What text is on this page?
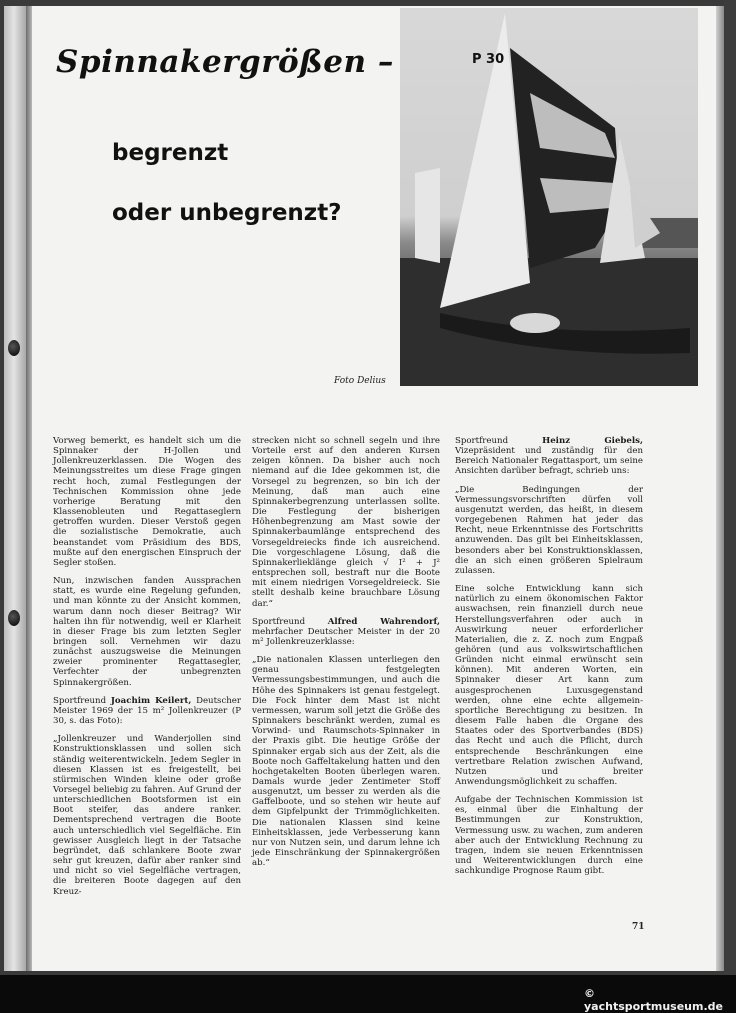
Spinnakergrößen –
begrenzt
oder unbegrenzt?
P 30
Foto Delius

Vorweg bemerkt, es handelt sich um die Spinnaker der H-Jollen und Jollenkreuzerklassen. Die Wogen des Meinungsstreites um diese Frage gingen recht hoch, zumal Festlegungen der Technischen Kommission ohne jede vorherige Beratung mit den Klassenobleuten und Regattaseglern getroffen wurden. Dieser Verstoß gegen die sozialistische Demokratie, auch beanstandet vom Präsidium des BDS, mußte auf den energischen Einspruch der Segler stoßen.

Nun, inzwischen fanden Aussprachen statt, es wurde eine Regelung gefunden, und man könnte zu der Ansicht kommen, warum dann noch dieser Beitrag? Wir halten ihn für notwendig, weil er Klarheit in dieser Frage bis zum letzten Segler bringen soll. Vernehmen wir dazu zunächst auszugsweise die Meinungen zweier prominenter Regattasegler, Verfechter der unbegrenzten Spinnakergrößen.

Sportfreund Joachim Keilert, Deutscher Meister 1969 der 15 m² Jollenkreuzer (P 30, s. das Foto):

„Jollenkreuzer und Wanderjollen sind Konstruktionsklassen und sollen sich ständig weiterentwickeln. Jedem Segler in diesen Klassen ist es freigestellt, bei stürmischen Winden kleine oder große Vorsegel beliebig zu fahren. Auf Grund der unterschiedlichen Bootsformen ist ein Boot steifer, das andere ranker. Dementsprechend vertragen die Boote auch unterschiedlich viel Segelfläche. Ein gewisser Ausgleich liegt in der Tatsache begründet, daß schlankere Boote zwar sehr gut kreuzen, dafür aber ranker sind und nicht so viel Segelfläche vertragen, die breiteren Boote dagegen auf den Kreuz-

strecken nicht so schnell segeln und ihre Vorteile erst auf den anderen Kursen zeigen können. Da bisher auch noch niemand auf die Idee gekommen ist, die Vorsegel zu begrenzen, so bin ich der Meinung, daß man auch eine Spinnakerbegrenzung unterlassen sollte. Die Festlegung der bisherigen Höhenbegrenzung am Mast sowie der Spinnakerbaumlänge entsprechend des Vorsegeldreiecks finde ich ausreichend. Die vorgeschlagene Lösung, daß die Spinnakerlieklänge gleich √ I² + J² entsprechen soll, bestraft nur die Boote mit einem niedrigen Vorsegeldreieck. Sie stellt deshalb keine brauchbare Lösung dar.“

Sportfreund Alfred Wahrendorf, mehrfacher Deutscher Meister in der 20 m² Jollenkreuzerklasse:

„Die nationalen Klassen unterliegen den genau festgelegten Vermessungsbestimmungen, und auch die Höhe des Spinnakers ist genau festgelegt. Die Fock hinter dem Mast ist nicht vermessen, warum soll jetzt die Größe des Spinnakers beschränkt werden, zumal es Vorwind- und Raumschots-Spinnaker in der Praxis gibt. Die heutige Größe der Spinnaker ergab sich aus der Zeit, als die Boote noch Gaffeltakelung hatten und den hochgetakelten Booten überlegen waren. Damals wurde jeder Zentimeter Stoff ausgenutzt, um besser zu werden als die Gaffelboote, und so stehen wir heute auf dem Gipfelpunkt der Trimmöglichkeiten. Die nationalen Klassen sind keine Einheitsklassen, jede Verbesserung kann nur von Nutzen sein, und darum lehne ich jede Einschränkung der Spinnakergrößen ab.“

Sportfreund Heinz Giebels, Vizepräsident und zuständig für den Bereich Nationaler Regattasport, um seine Ansichten darüber befragt, schrieb uns:

„Die Bedingungen der Vermessungsvorschriften dürfen voll ausgenutzt werden, das heißt, in diesem vorgegebenen Rahmen hat jeder das Recht, neue Erkenntnisse des Fortschritts anzuwenden. Das gilt bei Einheitsklassen, besonders aber bei Konstruktionsklassen, die an sich einen größeren Spielraum zulassen.

Eine solche Entwicklung kann sich natürlich zu einem ökonomischen Faktor auswachsen, rein finanziell durch neue Herstellungsverfahren oder auch in Auswirkung neuer erforderlicher Materialien, die z. Z. noch zum Engpaß gehören (und aus volkswirtschaftlichen Gründen nicht einmal erwünscht sein können). Mit anderen Worten, ein Spinnaker dieser Art kann zum ausgesprochenen Luxusgegenstand werden, ohne eine echte allgemein-sportliche Berechtigung zu besitzen. In diesem Falle haben die Organe des Staates oder des Sportverbandes (BDS) das Recht und auch die Pflicht, durch entsprechende Beschränkungen eine vertretbare Relation zwischen Aufwand, Nutzen und breiter Anwendungsmöglichkeit zu schaffen.

Aufgabe der Technischen Kommission ist es, einmal über die Einhaltung der Bestimmungen zur Konstruktion, Vermessung usw. zu wachen, zum anderen aber auch der Entwicklung Rechnung zu tragen, indem sie neuen Erkenntnissen und Weiterentwicklungen durch eine sachkundige Prognose Raum gibt.

71
© yachtsportmuseum.de
